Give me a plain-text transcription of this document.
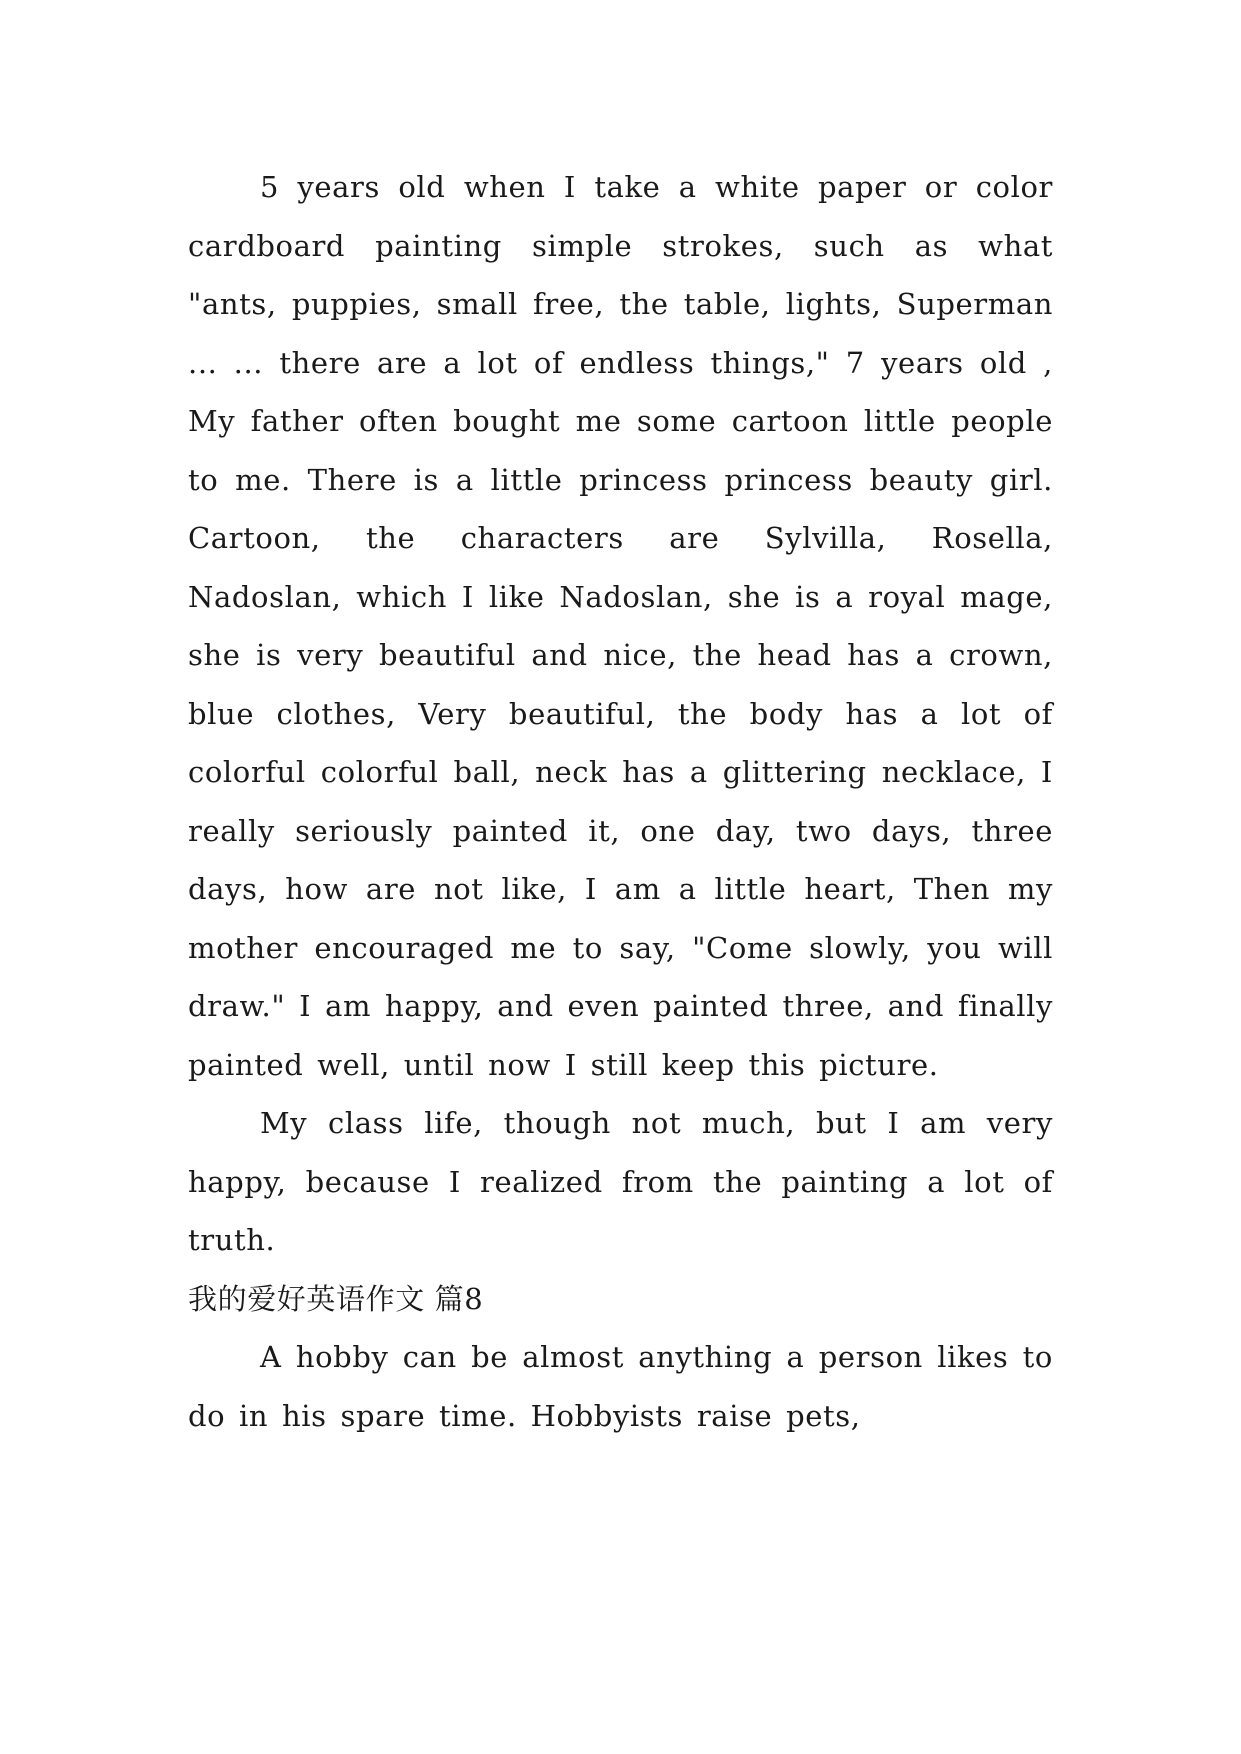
5 years old when I take a white paper or color cardboard painting simple strokes, such as what "ants, puppies, small free, the table, lights, Superman ... ... there are a lot of endless things," 7 years old , My father often bought me some cartoon little people to me. There is a little princess princess beauty girl. Cartoon, the characters are Sylvilla, Rosella, Nadoslan, which I like Nadoslan, she is a royal mage, she is very beautiful and nice, the head has a crown, blue clothes, Very beautiful, the body has a lot of colorful colorful ball, neck has a glittering necklace, I really seriously painted it, one day, two days, three days, how are not like, I am a little heart, Then my mother encouraged me to say, "Come slowly, you will draw." I am happy, and even painted three, and finally painted well, until now I still keep this picture.

My class life, though not much, but I am very happy, because I realized from the painting a lot of truth.

我的爱好英语作文 篇8

A hobby can be almost anything a person likes to do in his spare time. Hobbyists raise pets,
